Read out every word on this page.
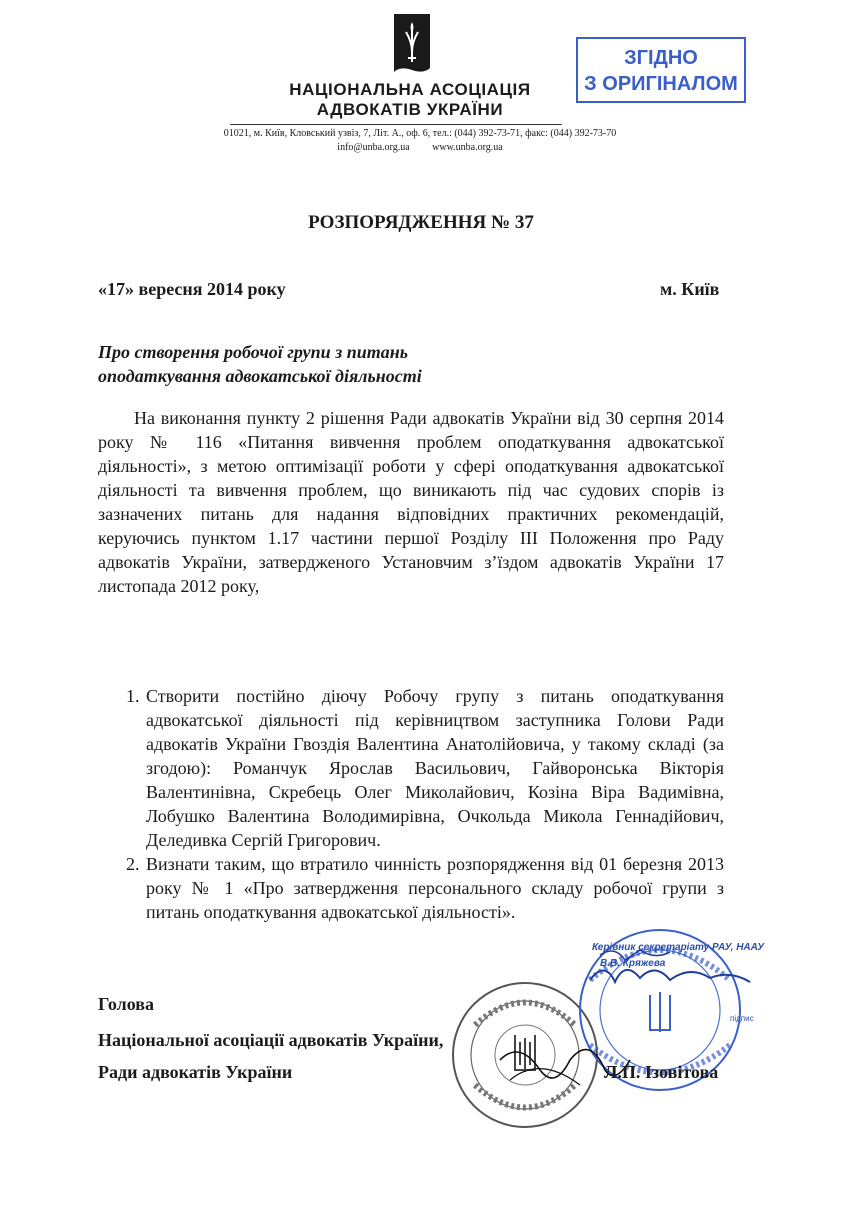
НАЦІОНАЛЬНА АСОЦІАЦІЯ
АДВОКАТІВ УКРАЇНИ
01021, м. Київ, Кловський узвіз, 7, Літ. А., оф. 6, тел.: (044) 392-73-71, факс: (044) 392-73-70
info@unba.org.ua www.unba.org.ua
ЗГІДНО
З ОРИГІНАЛОМ
РОЗПОРЯДЖЕННЯ № 37
«17» вересня 2014 року	м. Київ
Про створення робочої групи з питань
оподаткування адвокатської діяльності
На виконання пункту 2 рішення Ради адвокатів України від 30 серпня 2014 року № 116 «Питання вивчення проблем оподаткування адвокатської діяльності», з метою оптимізації роботи у сфері оподаткування адвокатської діяльності та вивчення проблем, що виникають під час судових спорів із зазначених питань для надання відповідних практичних рекомендацій, керуючись пунктом 1.17 частини першої Розділу ІІІ Положення про Раду адвокатів України, затвердженого Установчим з’їздом адвокатів України 17 листопада 2012 року,
1. Створити постійно діючу Робочу групу з питань оподаткування адвокатської діяльності під керівництвом заступника Голови Ради адвокатів України Гвоздія Валентина Анатолійовича, у такому складі (за згодою): Романчук Ярослав Васильович, Гайворонська Вікторія Валентинівна, Скребець Олег Миколайович, Козіна Віра Вадимівна, Лобушко Валентина Володимирівна, Очкольда Микола Геннадійович, Деледивка Сергій Григорович.
2. Визнати таким, що втратило чинність розпорядження від 01 березня 2013 року № 1 «Про затвердження персонального складу робочої групи з питань оподаткування адвокатської діяльності».
Керівник секретаріату РАУ, НААУ
В.В. Кряжева
підпис
Голова
Національної асоціації адвокатів України,
Ради адвокатів України	Л.П. Ізовітова
